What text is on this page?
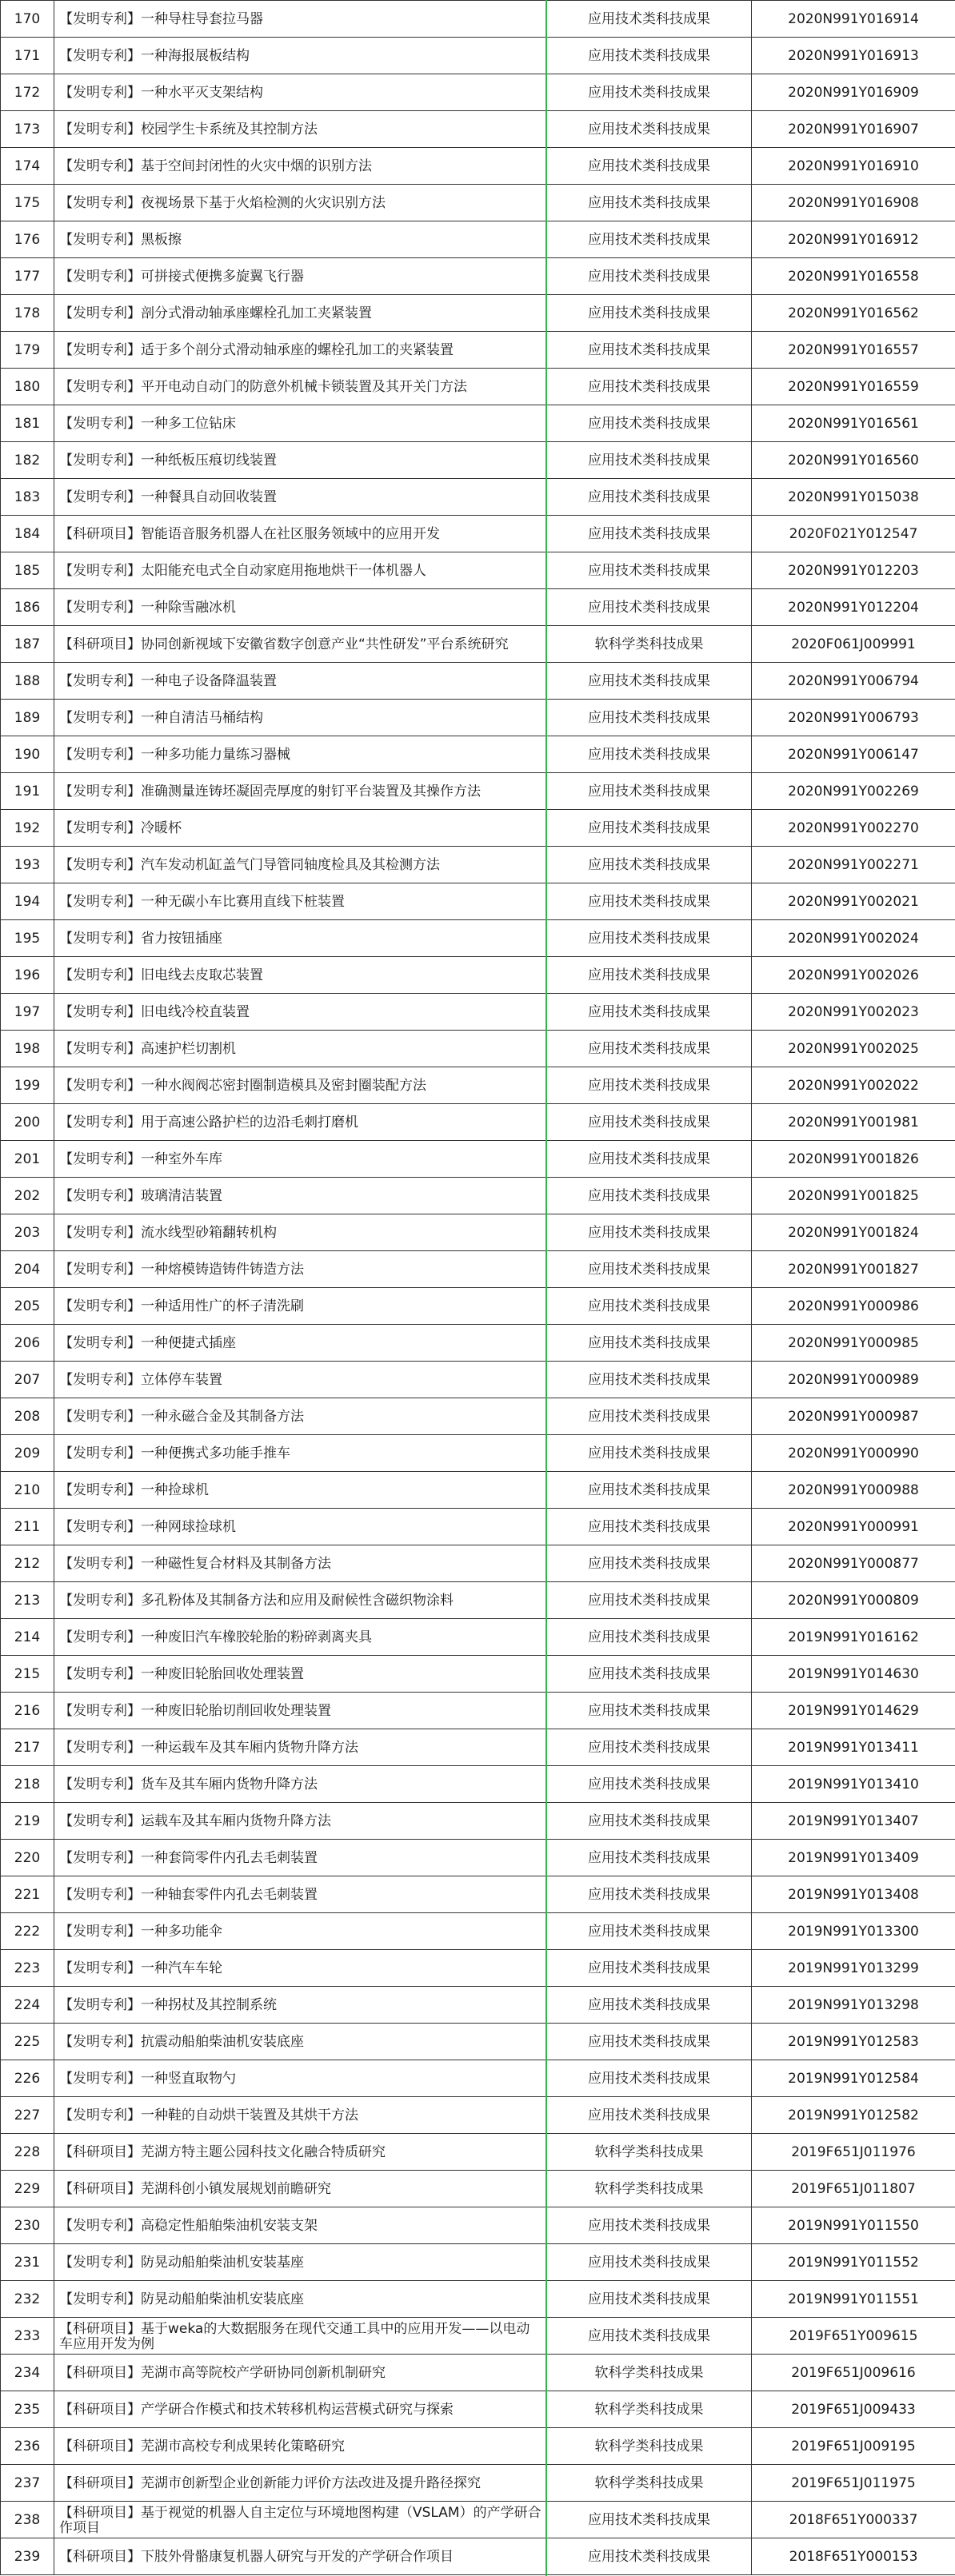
170	【发明专利】一种导柱导套拉马器	应用技术类科技成果	2020N991Y016914
171	【发明专利】一种海报展板结构	应用技术类科技成果	2020N991Y016913
172	【发明专利】一种水平灭支架结构	应用技术类科技成果	2020N991Y016909
173	【发明专利】校园学生卡系统及其控制方法	应用技术类科技成果	2020N991Y016907
174	【发明专利】基于空间封闭性的火灾中烟的识别方法	应用技术类科技成果	2020N991Y016910
175	【发明专利】夜视场景下基于火焰检测的火灾识别方法	应用技术类科技成果	2020N991Y016908
176	【发明专利】黑板擦	应用技术类科技成果	2020N991Y016912
177	【发明专利】可拼接式便携多旋翼飞行器	应用技术类科技成果	2020N991Y016558
178	【发明专利】剖分式滑动轴承座螺栓孔加工夹紧装置	应用技术类科技成果	2020N991Y016562
179	【发明专利】适于多个剖分式滑动轴承座的螺栓孔加工的夹紧装置	应用技术类科技成果	2020N991Y016557
180	【发明专利】平开电动自动门的防意外机械卡锁装置及其开关门方法	应用技术类科技成果	2020N991Y016559
181	【发明专利】一种多工位钻床	应用技术类科技成果	2020N991Y016561
182	【发明专利】一种纸板压痕切线装置	应用技术类科技成果	2020N991Y016560
183	【发明专利】一种餐具自动回收装置	应用技术类科技成果	2020N991Y015038
184	【科研项目】智能语音服务机器人在社区服务领域中的应用开发	应用技术类科技成果	2020F021Y012547
185	【发明专利】太阳能充电式全自动家庭用拖地烘干一体机器人	应用技术类科技成果	2020N991Y012203
186	【发明专利】一种除雪融冰机	应用技术类科技成果	2020N991Y012204
187	【科研项目】协同创新视域下安徽省数字创意产业“共性研发”平台系统研究	软科学类科技成果	2020F061J009991
188	【发明专利】一种电子设备降温装置	应用技术类科技成果	2020N991Y006794
189	【发明专利】一种自清洁马桶结构	应用技术类科技成果	2020N991Y006793
190	【发明专利】一种多功能力量练习器械	应用技术类科技成果	2020N991Y006147
191	【发明专利】准确测量连铸坯凝固壳厚度的射钉平台装置及其操作方法	应用技术类科技成果	2020N991Y002269
192	【发明专利】冷暖杯	应用技术类科技成果	2020N991Y002270
193	【发明专利】汽车发动机缸盖气门导管同轴度检具及其检测方法	应用技术类科技成果	2020N991Y002271
194	【发明专利】一种无碳小车比赛用直线下桩装置	应用技术类科技成果	2020N991Y002021
195	【发明专利】省力按钮插座	应用技术类科技成果	2020N991Y002024
196	【发明专利】旧电线去皮取芯装置	应用技术类科技成果	2020N991Y002026
197	【发明专利】旧电线冷校直装置	应用技术类科技成果	2020N991Y002023
198	【发明专利】高速护栏切割机	应用技术类科技成果	2020N991Y002025
199	【发明专利】一种水阀阀芯密封圈制造模具及密封圈装配方法	应用技术类科技成果	2020N991Y002022
200	【发明专利】用于高速公路护栏的边沿毛刺打磨机	应用技术类科技成果	2020N991Y001981
201	【发明专利】一种室外车库	应用技术类科技成果	2020N991Y001826
202	【发明专利】玻璃清洁装置	应用技术类科技成果	2020N991Y001825
203	【发明专利】流水线型砂箱翻转机构	应用技术类科技成果	2020N991Y001824
204	【发明专利】一种熔模铸造铸件铸造方法	应用技术类科技成果	2020N991Y001827
205	【发明专利】一种适用性广的杯子清洗刷	应用技术类科技成果	2020N991Y000986
206	【发明专利】一种便捷式插座	应用技术类科技成果	2020N991Y000985
207	【发明专利】立体停车装置	应用技术类科技成果	2020N991Y000989
208	【发明专利】一种永磁合金及其制备方法	应用技术类科技成果	2020N991Y000987
209	【发明专利】一种便携式多功能手推车	应用技术类科技成果	2020N991Y000990
210	【发明专利】一种捡球机	应用技术类科技成果	2020N991Y000988
211	【发明专利】一种网球捡球机	应用技术类科技成果	2020N991Y000991
212	【发明专利】一种磁性复合材料及其制备方法	应用技术类科技成果	2020N991Y000877
213	【发明专利】多孔粉体及其制备方法和应用及耐候性含磁织物涂料	应用技术类科技成果	2020N991Y000809
214	【发明专利】一种废旧汽车橡胶轮胎的粉碎剥离夹具	应用技术类科技成果	2019N991Y016162
215	【发明专利】一种废旧轮胎回收处理装置	应用技术类科技成果	2019N991Y014630
216	【发明专利】一种废旧轮胎切削回收处理装置	应用技术类科技成果	2019N991Y014629
217	【发明专利】一种运载车及其车厢内货物升降方法	应用技术类科技成果	2019N991Y013411
218	【发明专利】货车及其车厢内货物升降方法	应用技术类科技成果	2019N991Y013410
219	【发明专利】运载车及其车厢内货物升降方法	应用技术类科技成果	2019N991Y013407
220	【发明专利】一种套筒零件内孔去毛刺装置	应用技术类科技成果	2019N991Y013409
221	【发明专利】一种轴套零件内孔去毛刺装置	应用技术类科技成果	2019N991Y013408
222	【发明专利】一种多功能伞	应用技术类科技成果	2019N991Y013300
223	【发明专利】一种汽车车轮	应用技术类科技成果	2019N991Y013299
224	【发明专利】一种拐杖及其控制系统	应用技术类科技成果	2019N991Y013298
225	【发明专利】抗震动船舶柴油机安装底座	应用技术类科技成果	2019N991Y012583
226	【发明专利】一种竖直取物勺	应用技术类科技成果	2019N991Y012584
227	【发明专利】一种鞋的自动烘干装置及其烘干方法	应用技术类科技成果	2019N991Y012582
228	【科研项目】芜湖方特主题公园科技文化融合特质研究	软科学类科技成果	2019F651J011976
229	【科研项目】芜湖科创小镇发展规划前瞻研究	软科学类科技成果	2019F651J011807
230	【发明专利】高稳定性船舶柴油机安装支架	应用技术类科技成果	2019N991Y011550
231	【发明专利】防晃动船舶柴油机安装基座	应用技术类科技成果	2019N991Y011552
232	【发明专利】防晃动船舶柴油机安装底座	应用技术类科技成果	2019N991Y011551
233	【科研项目】基于weka的大数据服务在现代交通工具中的应用开发——以电动车应用开发为例	应用技术类科技成果	2019F651Y009615
234	【科研项目】芜湖市高等院校产学研协同创新机制研究	软科学类科技成果	2019F651J009616
235	【科研项目】产学研合作模式和技术转移机构运营模式研究与探索	软科学类科技成果	2019F651J009433
236	【科研项目】芜湖市高校专利成果转化策略研究	软科学类科技成果	2019F651J009195
237	【科研项目】芜湖市创新型企业创新能力评价方法改进及提升路径探究	软科学类科技成果	2019F651J011975
238	【科研项目】基于视觉的机器人自主定位与环境地图构建（VSLAM）的产学研合作项目	应用技术类科技成果	2018F651Y000337
239	【科研项目】下肢外骨骼康复机器人研究与开发的产学研合作项目	应用技术类科技成果	2018F651Y000153
